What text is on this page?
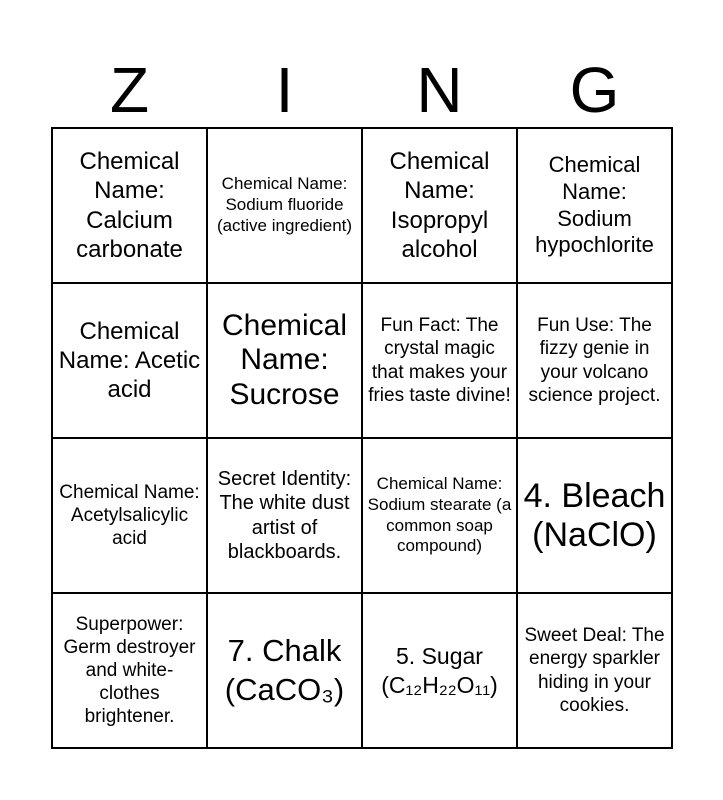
Z	I	N	G
Chemical Name: Calcium carbonate	Chemical Name: Sodium fluoride (active ingredient)	Chemical Name: Isopropyl alcohol	Chemical Name: Sodium hypochlorite
Chemical Name: Acetic acid	Chemical Name: Sucrose	Fun Fact: The crystal magic that makes your fries taste divine!	Fun Use: The fizzy genie in your volcano science project.
Chemical Name: Acetylsalicylic acid	Secret Identity: The white dust artist of blackboards.	Chemical Name: Sodium stearate (a common soap compound)	4. Bleach (NaClO)
Superpower: Germ destroyer and white-clothes brightener.	7. Chalk (CaCO₃)	5. Sugar (C₁₂H₂₂O₁₁)	Sweet Deal: The energy sparkler hiding in your cookies.
